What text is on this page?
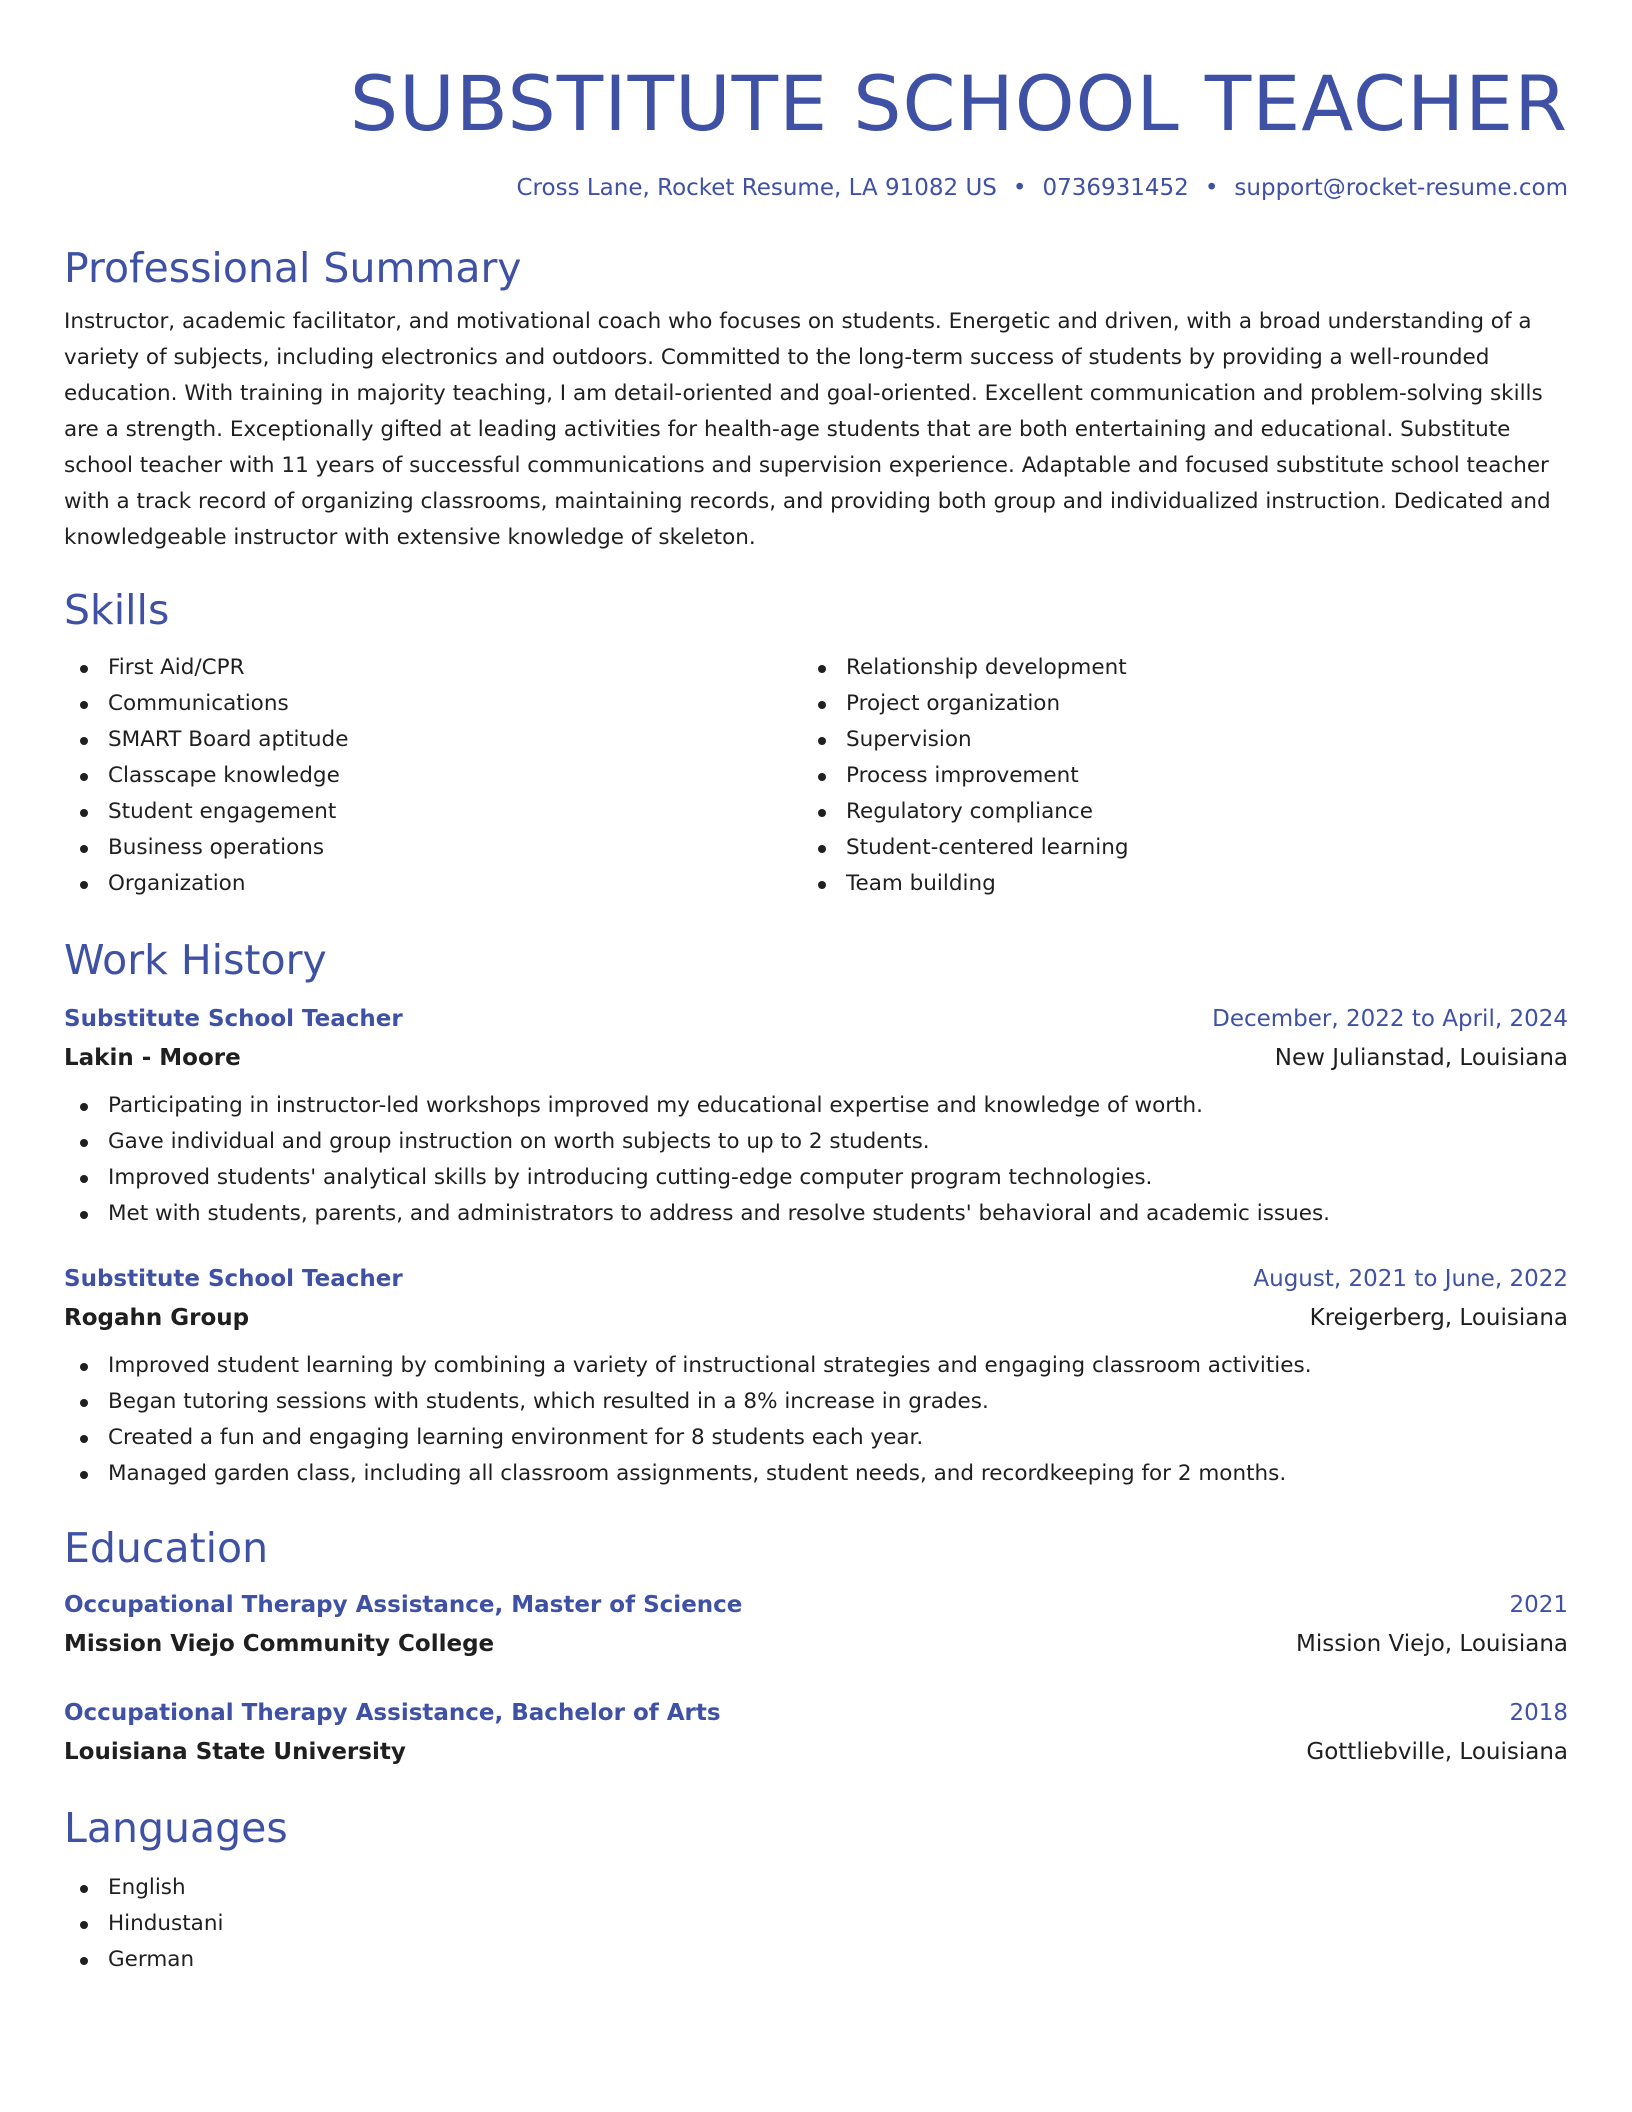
SUBSTITUTE SCHOOL TEACHER
Cross Lane, Rocket Resume, LA 91082 US • 0736931452 • support@rocket-resume.com
Professional Summary

Instructor, academic facilitator, and motivational coach who focuses on students. Energetic and driven, with a broad understanding of a variety of subjects, including electronics and outdoors. Committed to the long-term success of students by providing a well-rounded education. With training in majority teaching, I am detail-oriented and goal-oriented. Excellent communication and problem-solving skills are a strength. Exceptionally gifted at leading activities for health-age students that are both entertaining and educational. Substitute school teacher with 11 years of successful communications and supervision experience. Adaptable and focused substitute school teacher with a track record of organizing classrooms, maintaining records, and providing both group and individualized instruction. Dedicated and knowledgeable instructor with extensive knowledge of skeleton.

Skills
First Aid/CPR
Communications
SMART Board aptitude
Classcape knowledge
Student engagement
Business operations
Organization
Relationship development
Project organization
Supervision
Process improvement
Regulatory compliance
Student-centered learning
Team building
Work History
Substitute School Teacher	December, 2022 to April, 2024
Lakin - Moore	New Julianstad, Louisiana
Participating in instructor-led workshops improved my educational expertise and knowledge of worth.
Gave individual and group instruction on worth subjects to up to 2 students.
Improved students' analytical skills by introducing cutting-edge computer program technologies.
Met with students, parents, and administrators to address and resolve students' behavioral and academic issues.
Substitute School Teacher	August, 2021 to June, 2022
Rogahn Group	Kreigerberg, Louisiana
Improved student learning by combining a variety of instructional strategies and engaging classroom activities.
Began tutoring sessions with students, which resulted in a 8% increase in grades.
Created a fun and engaging learning environment for 8 students each year.
Managed garden class, including all classroom assignments, student needs, and recordkeeping for 2 months.
Education
Occupational Therapy Assistance, Master of Science	2021
Mission Viejo Community College	Mission Viejo, Louisiana
Occupational Therapy Assistance, Bachelor of Arts	2018
Louisiana State University	Gottliebville, Louisiana
Languages
English
Hindustani
German
